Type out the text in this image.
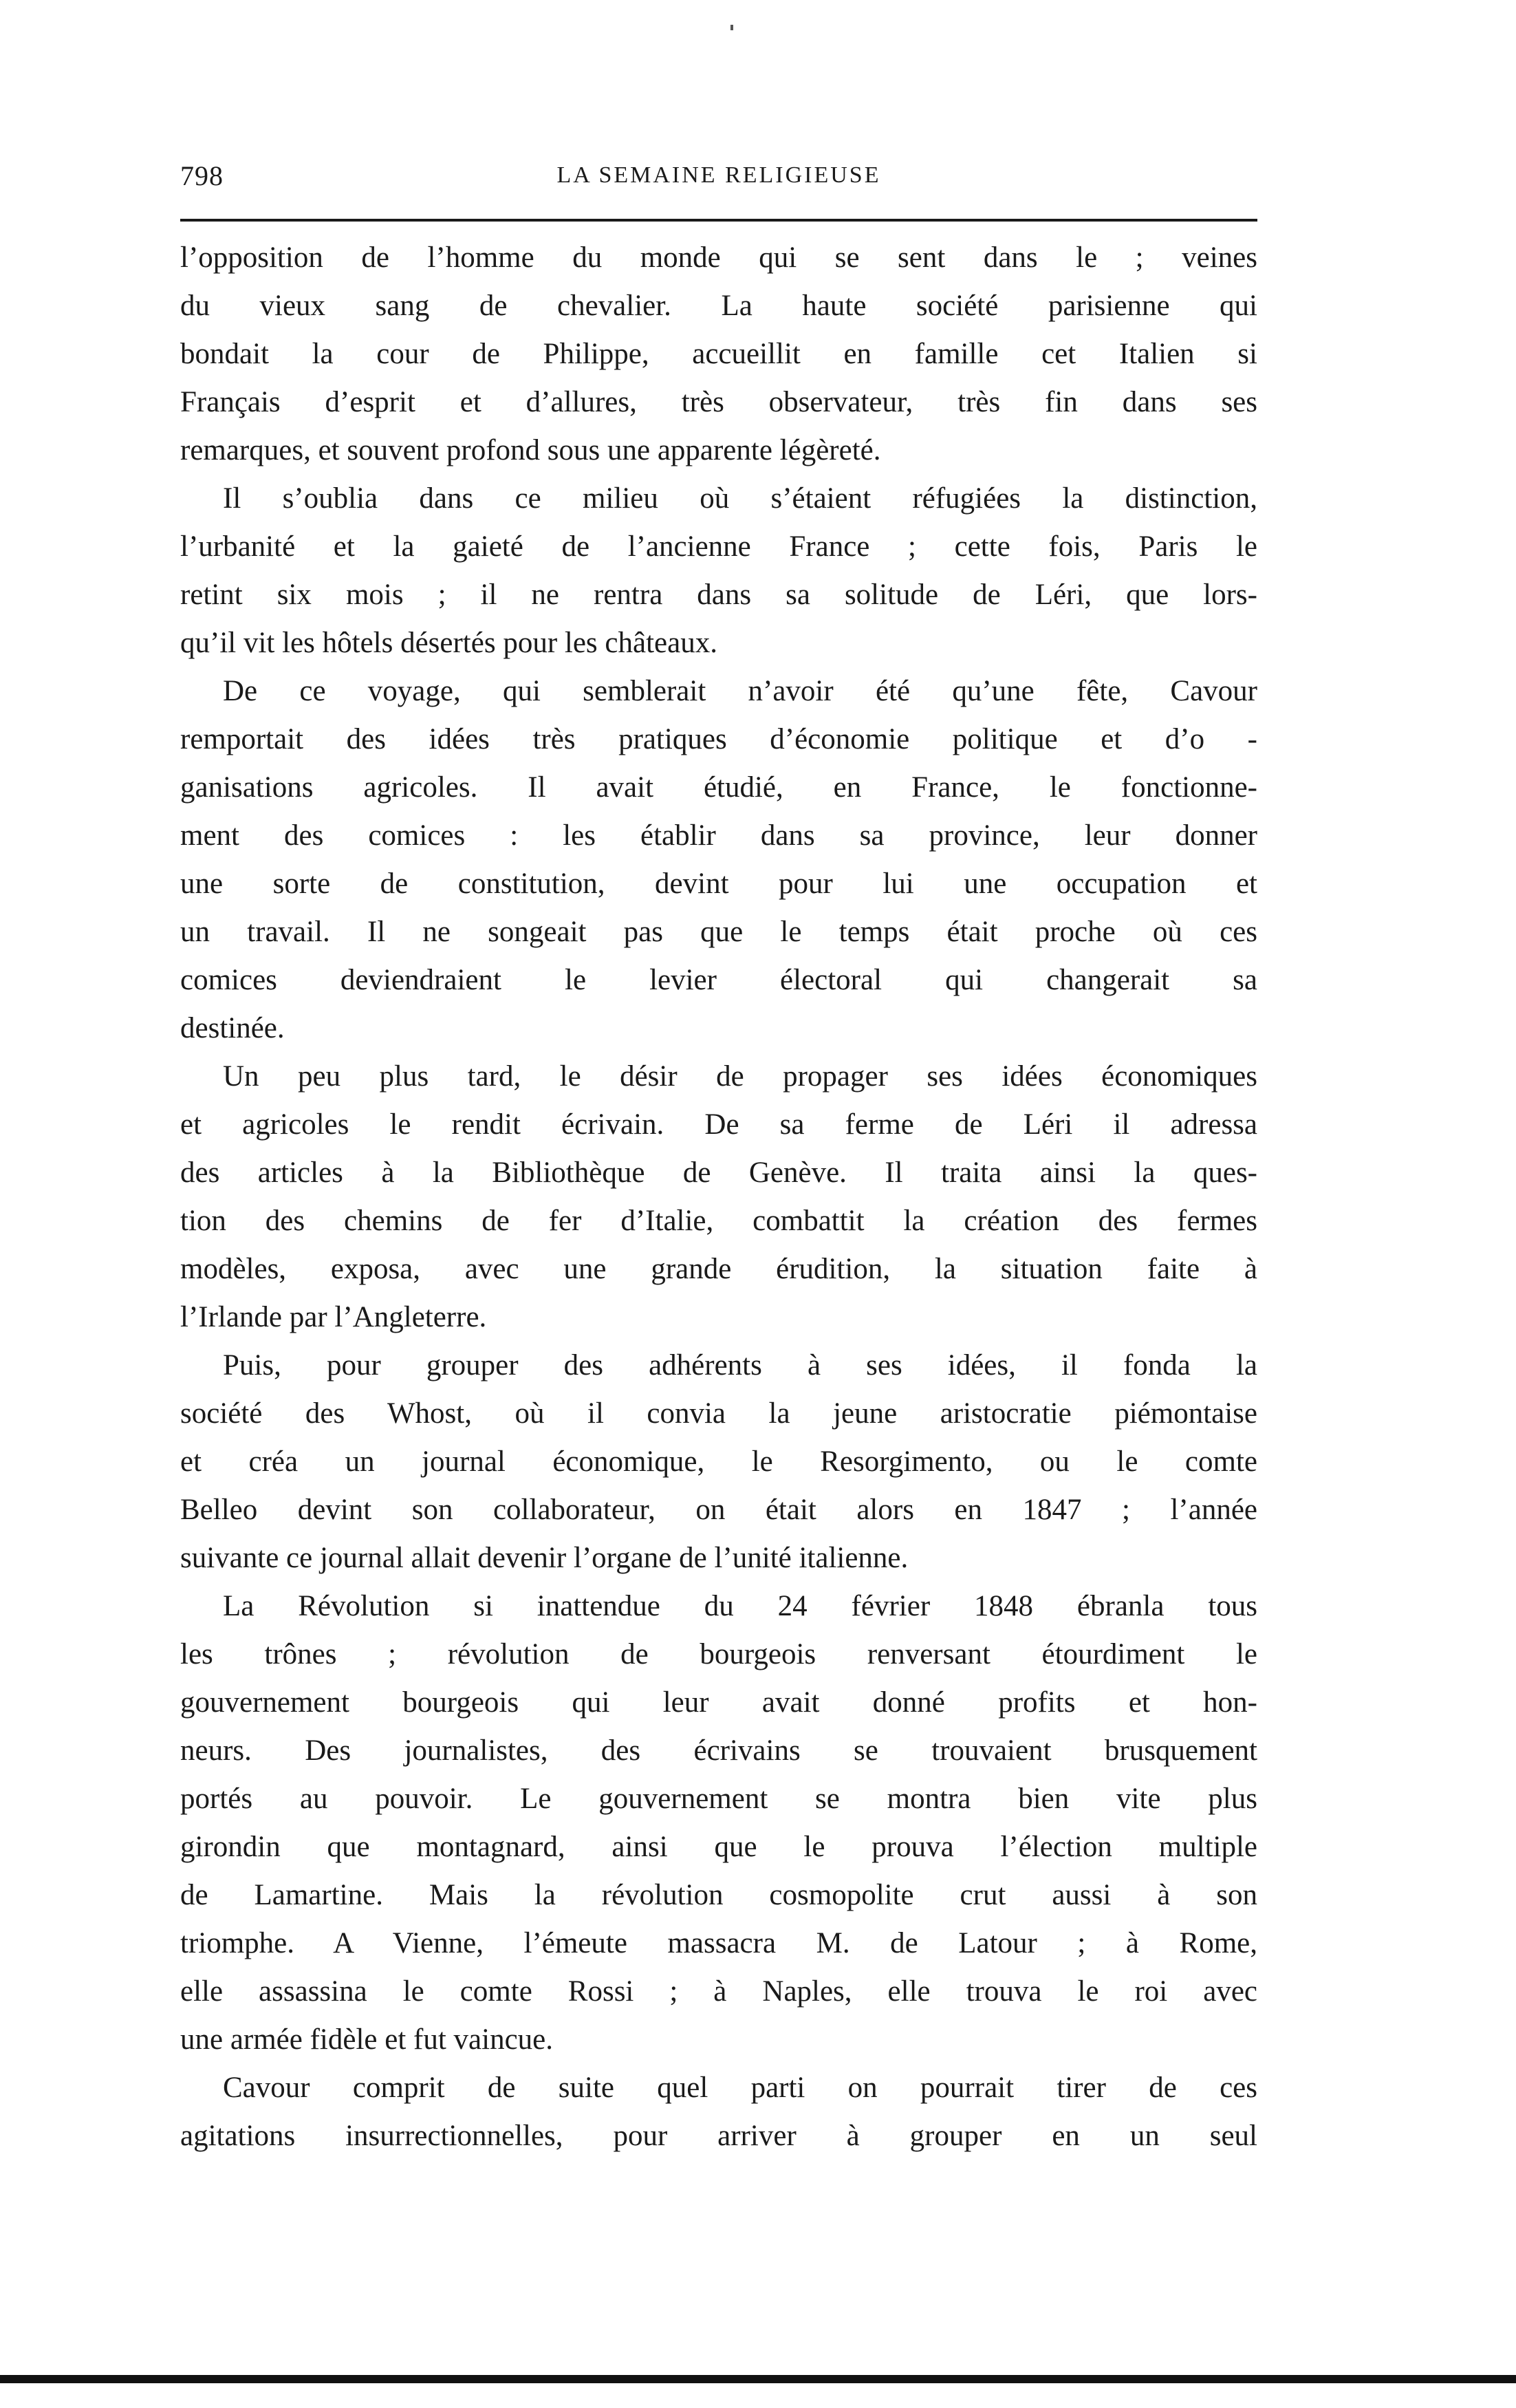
798	LA SEMAINE RELIGIEUSE
l’opposition de l’homme du monde qui se sent dans le ; veines
du vieux sang de chevalier. La haute société parisienne qui
bondait la cour de Philippe, accueillit en famille cet Italien si
Français d’esprit et d’allures, très observateur, très fin dans ses
remarques, et souvent profond sous une apparente légèreté.
Il s’oublia dans ce milieu où s’étaient réfugiées la distinction,
l’urbanité et la gaieté de l’ancienne France ; cette fois, Paris le
retint six mois ; il ne rentra dans sa solitude de Léri, que lors-
qu’il vit les hôtels désertés pour les châteaux.
De ce voyage, qui semblerait n’avoir été qu’une fête, Cavour
remportait des idées très pratiques d’économie politique et d’o -
ganisations agricoles. Il avait étudié, en France, le fonctionne-
ment des comices : les établir dans sa province, leur donner
une sorte de constitution, devint pour lui une occupation et
un travail. Il ne songeait pas que le temps était proche où ces
comices deviendraient le levier électoral qui changerait sa
destinée.
Un peu plus tard, le désir de propager ses idées économiques
et agricoles le rendit écrivain. De sa ferme de Léri il adressa
des articles à la Bibliothèque de Genève. Il traita ainsi la ques-
tion des chemins de fer d’Italie, combattit la création des fermes
modèles, exposa, avec une grande érudition, la situation faite à
l’Irlande par l’Angleterre.
Puis, pour grouper des adhérents à ses idées, il fonda la
société des Whost, où il convia la jeune aristocratie piémontaise
et créa un journal économique, le Resorgimento, ou le comte
Belleo devint son collaborateur, on était alors en 1847 ; l’année
suivante ce journal allait devenir l’organe de l’unité italienne.
La Révolution si inattendue du 24 février 1848 ébranla tous
les trônes ; révolution de bourgeois renversant étourdiment le
gouvernement bourgeois qui leur avait donné profits et hon-
neurs. Des journalistes, des écrivains se trouvaient brusquement
portés au pouvoir. Le gouvernement se montra bien vite plus
girondin que montagnard, ainsi que le prouva l’élection multiple
de Lamartine. Mais la révolution cosmopolite crut aussi à son
triomphe. A Vienne, l’émeute massacra M. de Latour ; à Rome,
elle assassina le comte Rossi ; à Naples, elle trouva le roi avec
une armée fidèle et fut vaincue.
Cavour comprit de suite quel parti on pourrait tirer de ces
agitations insurrectionnelles, pour arriver à grouper en un seul
